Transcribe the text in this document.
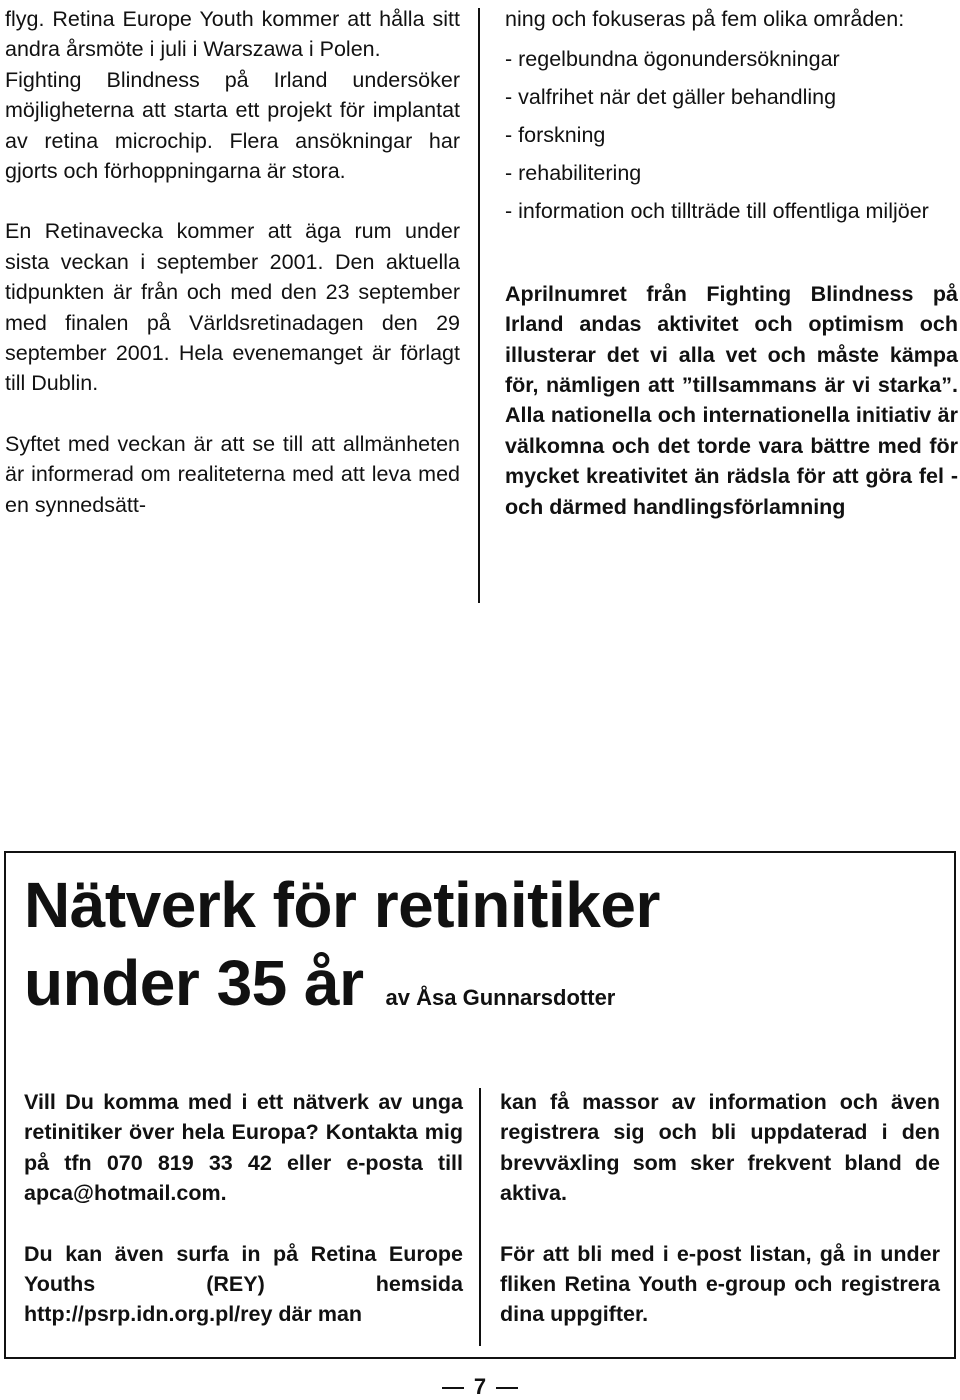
flyg. Retina Europe Youth kommer att hålla sitt andra årsmöte i juli i Warszawa i Polen.

Fighting Blindness på Irland undersöker möjligheterna att starta ett projekt för implantat av retina microchip. Flera ansökningar har gjorts och förhoppningarna är stora.

En Retinavecka kommer att äga rum under sista veckan i september 2001. Den aktuella tidpunkten är från och med den 23 september med finalen på Världsretinadagen den 29 september 2001. Hela evenemanget är förlagt till Dublin.

Syftet med veckan är att se till att allmänheten är informerad om realiteterna med att leva med en synnedsätt-

ning och fokuseras på fem olika områden:

- regelbundna ögonundersökningar

- valfrihet när det gäller behandling

- forskning

- rehabilitering

- information och tillträde till offentliga miljöer

Aprilnumret från Fighting Blindness på Irland andas aktivitet och optimism och illusterar det vi alla vet och måste kämpa för, nämligen att ”tillsammans är vi starka”. Alla nationella och internationella initiativ är välkomna och det torde vara bättre med för mycket kreativitet än rädsla för att göra fel - och därmed handlingsförlamning

Nätverk för retinitiker
under 35 år av Åsa Gunnarsdotter

Vill Du komma med i ett nätverk av unga retinitiker över hela Europa? Kontakta mig på tfn 070 819 33 42 eller e-posta till apca@hotmail.com.

Du kan även surfa in på Retina Europe Youths (REY) hemsida http://psrp.idn.org.pl/rey där man

kan få massor av information och även registrera sig och bli uppdaterad i den brevväxling som sker frekvent bland de aktiva.

För att bli med i e-post listan, gå in under fliken Retina Youth e-group och registrera dina uppgifter.

7
